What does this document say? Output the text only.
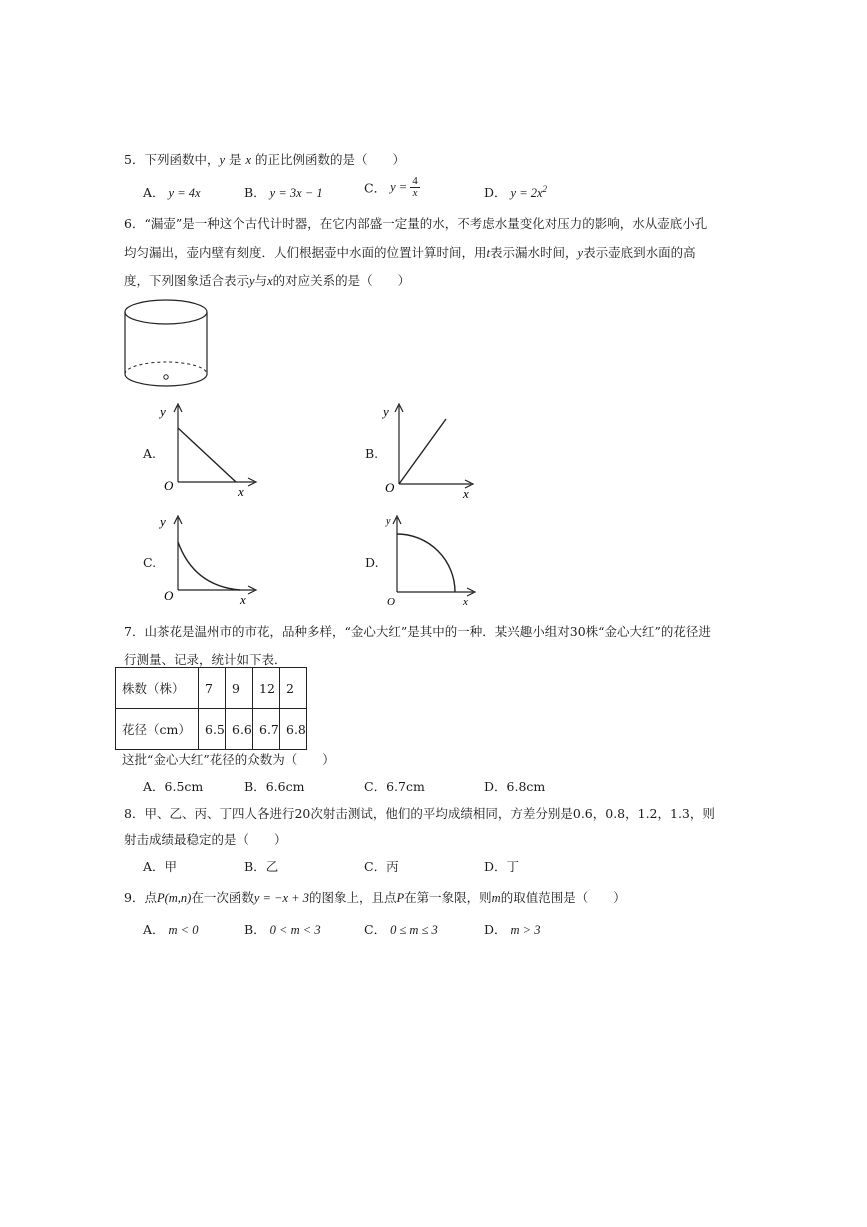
5．下列函数中，y 是 x 的正比例函数的是（　　）
A． y = 4x	B． y = 3x − 1	C． $y = \frac{4}{x}$	D． $y = 2x^2$
6．“漏壶”是一种这个古代计时器，在它内部盛一定量的水，不考虑水量变化对压力的影响，水从壶底小孔
均匀漏出，壶内壁有刻度．人们根据壶中水面的位置计算时间，用t表示漏水时间，y表示壶底到水面的高
度，下列图象适合表示y与x的对应关系的是（　　）
A.
y
O	x
B.
y
O	x
C.
y
O	x
D.
y
O	x
7．山茶花是温州市的市花，品种多样，“金心大红”是其中的一种．某兴趣小组对30株“金心大红”的花径进
行测量、记录，统计如下表．
株数（株）	7	9	12	2
花径（cm）	6.5	6.6	6.7	6.8
这批“金心大红”花径的众数为（　　）
A．6.5cm	B．6.6cm	C．6.7cm	D．6.8cm
8．甲、乙、丙、丁四人各进行20次射击测试，他们的平均成绩相同，方差分别是0.6，0.8，1.2，1.3，则
射击成绩最稳定的是（　　）
A．甲	B．乙	C．丙	D．丁
9．点P(m,n)在一次函数y = −x + 3的图象上，且点P在第一象限，则m的取值范围是（　　）
A． m < 0	B． 0 < m < 3	C． 0 ≤ m ≤ 3	D． m > 3
